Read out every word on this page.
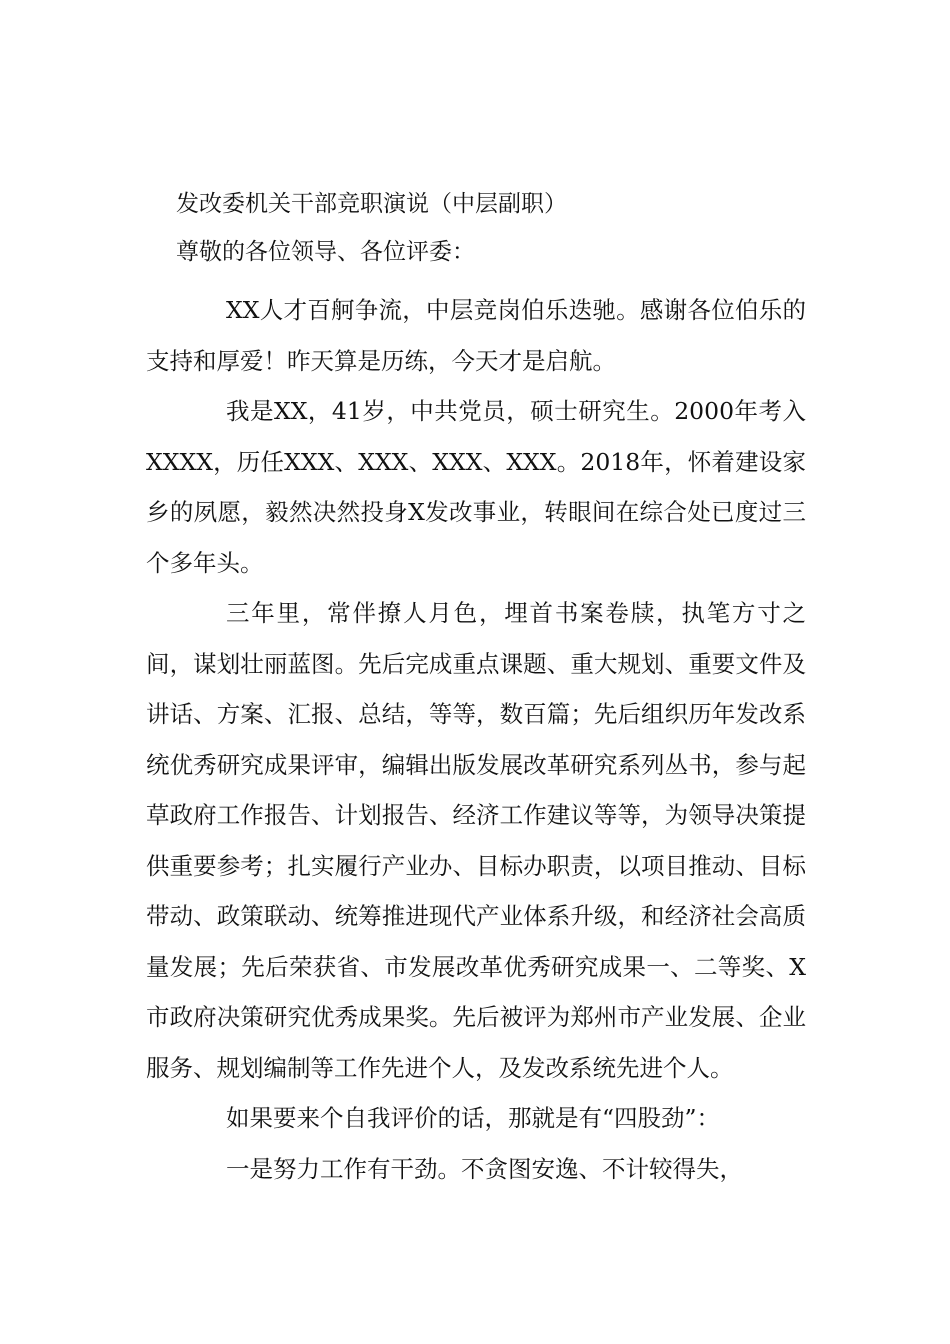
发改委机关干部竞职演说（中层副职）
尊敬的各位领导、各位评委：

XX人才百舸争流，中层竞岗伯乐迭驰。感谢各位伯乐的支持和厚爱！昨天算是历练，今天才是启航。

我是XX，41岁，中共党员，硕士研究生。2000年考入XXXX，历任XXX、XXX、XXX、XXX。2018年，怀着建设家乡的夙愿，毅然决然投身X发改事业，转眼间在综合处已度过三个多年头。

三年里，常伴撩人月色，埋首书案卷牍，执笔方寸之间，谋划壮丽蓝图。先后完成重点课题、重大规划、重要文件及讲话、方案、汇报、总结，等等，数百篇；先后组织历年发改系统优秀研究成果评审，编辑出版发展改革研究系列丛书，参与起草政府工作报告、计划报告、经济工作建议等等，为领导决策提供重要参考；扎实履行产业办、目标办职责，以项目推动、目标带动、政策联动、统筹推进现代产业体系升级，和经济社会高质量发展；先后荣获省、市发展改革优秀研究成果一、二等奖、X市政府决策研究优秀成果奖。先后被评为郑州市产业发展、企业服务、规划编制等工作先进个人，及发改系统先进个人。

如果要来个自我评价的话，那就是有“四股劲”：

一是努力工作有干劲。不贪图安逸、不计较得失，
